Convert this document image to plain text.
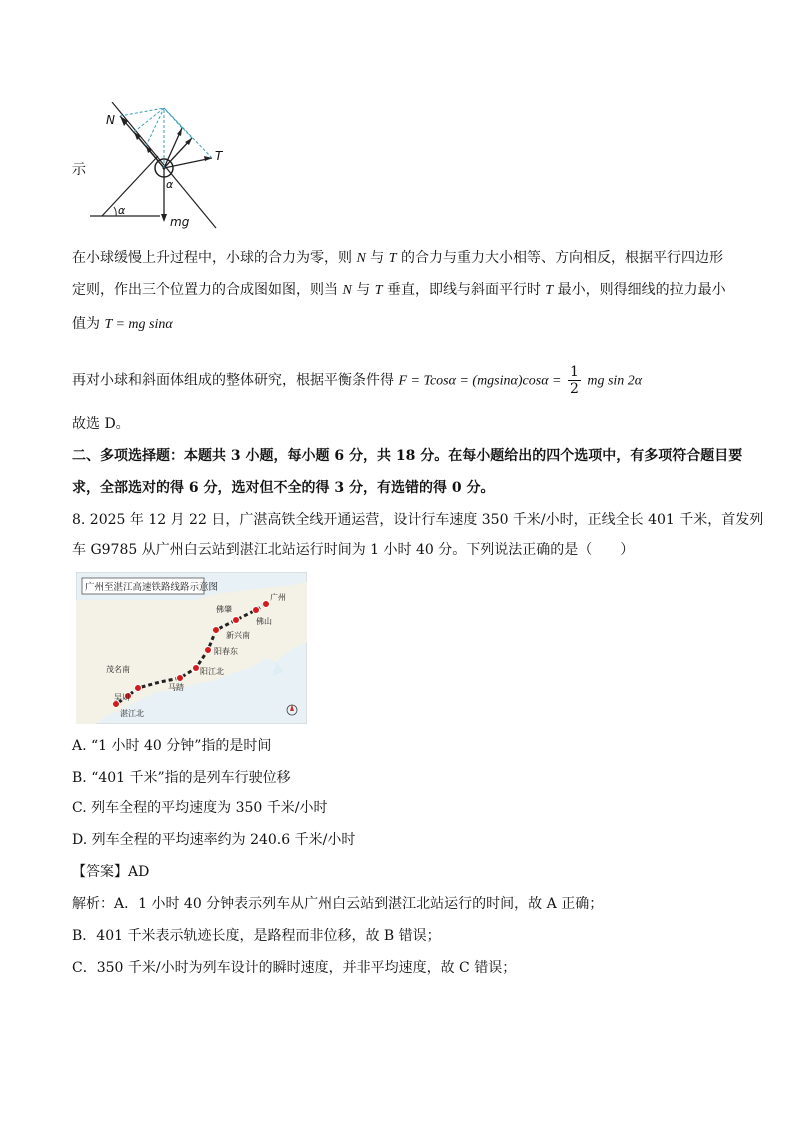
示
N
T
mg
α
α
在小球缓慢上升过程中，小球的合力为零，则 N 与 T 的合力与重力大小相等、方向相反，根据平行四边形
定则，作出三个位置力的合成图如图，则当 N 与 T 垂直，即线与斜面平行时 T 最小，则得细线的拉力最小
值为 T = mg sinα
再对小球和斜面体组成的整体研究，根据平衡条件得 $F = Tcos\alpha = (mgsin\alpha)\cos\alpha = \frac{1}{2}$ mg sin 2α
故选 D。
二、多项选择题：本题共 3 小题，每小题 6 分，共 18 分。在每小题给出的四个选项中，有多项符合题目要
求，全部选对的得 6 分，选对但不全的得 3 分，有选错的得 0 分。
8. 2025 年 12 月 22 日，广湛高铁全线开通运营，设计行车速度 350 千米/小时，正线全长 401 千米，首发列
车 G9785 从广州白云站到湛江北站运行时间为 1 小时 40 分。下列说法正确的是（　　）
广州至湛江高速铁路线路示意图
广州
佛山
佛肇
新兴南
阳春东
阳江北
马踏
茂名南
吴川
湛江北
A. “1 小时 40 分钟”指的是时间
B. “401 千米”指的是列车行驶位移
C. 列车全程的平均速度为 350 千米/小时
D. 列车全程的平均速率约为 240.6 千米/小时
【答案】AD
解析：A．1 小时 40 分钟表示列车从广州白云站到湛江北站运行的时间，故 A 正确；
B．401 千米表示轨迹长度，是路程而非位移，故 B 错误；
C．350 千米/小时为列车设计的瞬时速度，并非平均速度，故 C 错误；
